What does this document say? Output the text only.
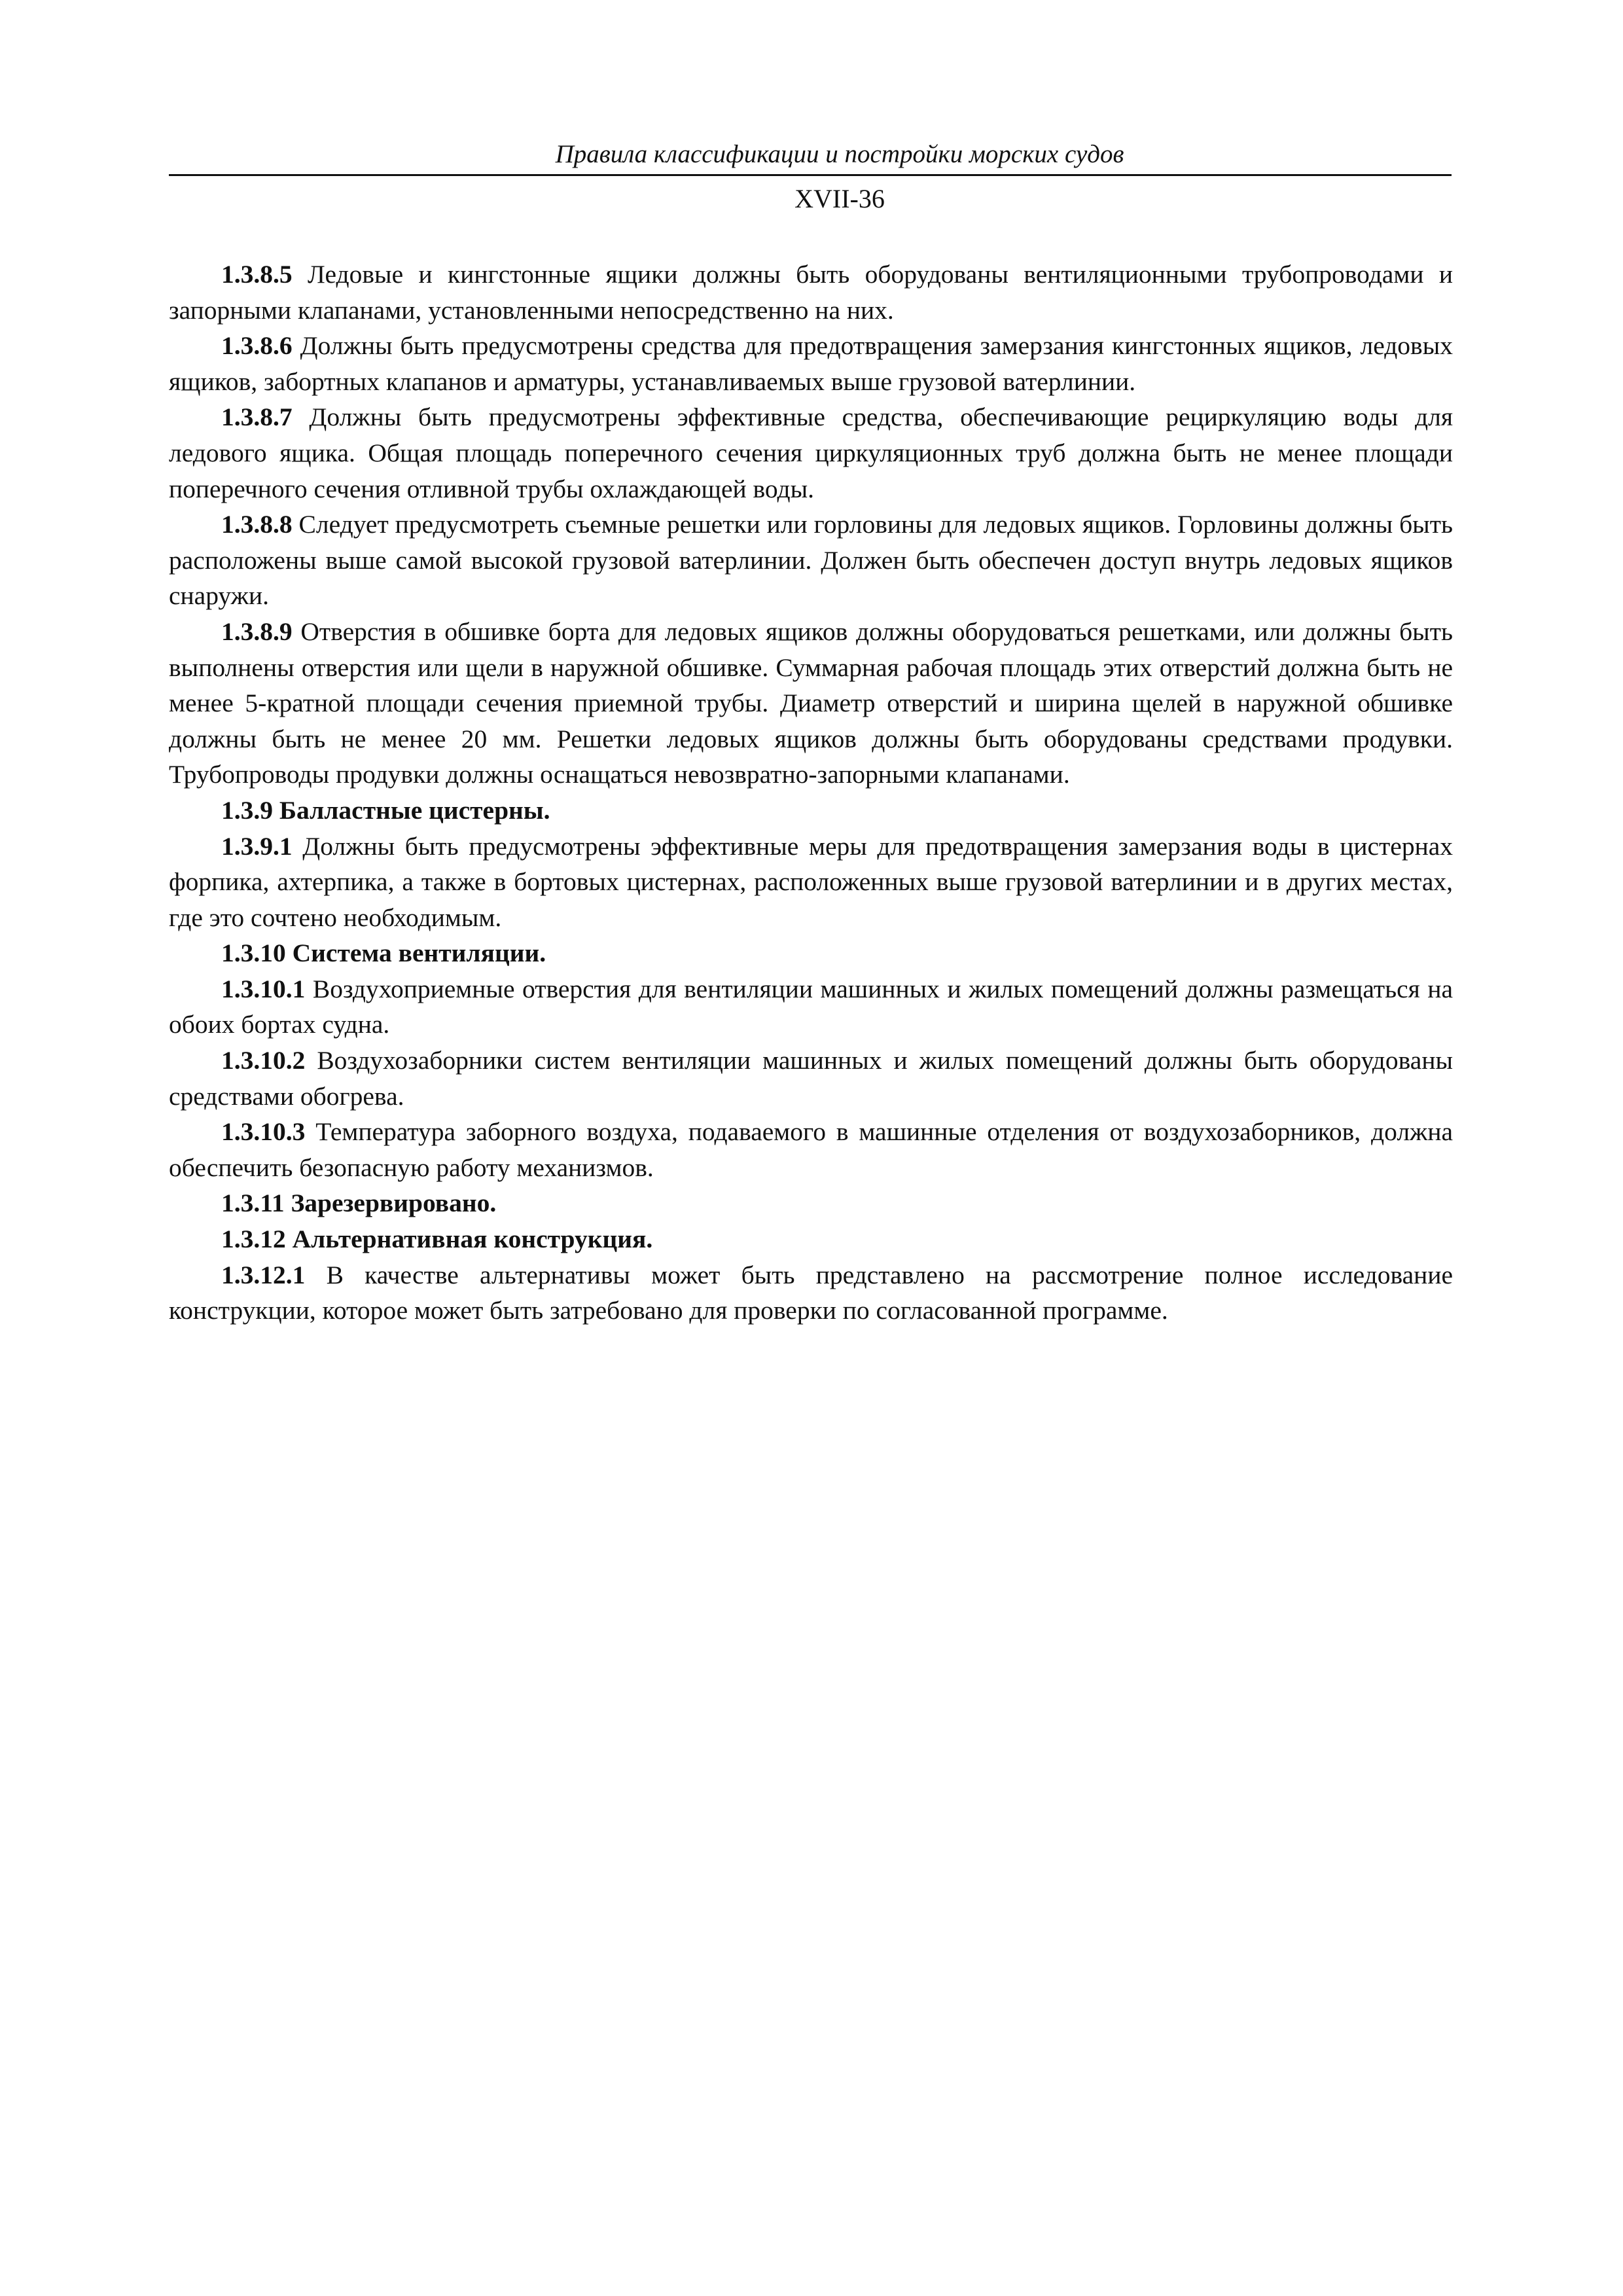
Правила классификации и постройки морских судов
XVII-36

1.3.8.5 Ледовые и кингстонные ящики должны быть оборудованы вентиляционными трубопроводами и запорными клапанами, установленными непосредственно на них.

1.3.8.6 Должны быть предусмотрены средства для предотвращения замерзания кингстонных ящиков, ледовых ящиков, забортных клапанов и арматуры, устанавливаемых выше грузовой ватерлинии.

1.3.8.7 Должны быть предусмотрены эффективные средства, обеспечивающие рециркуляцию воды для ледового ящика. Общая площадь поперечного сечения циркуляционных труб должна быть не менее площади поперечного сечения отливной трубы охлаждающей воды.

1.3.8.8 Следует предусмотреть съемные решетки или горловины для ледовых ящиков. Горловины должны быть расположены выше самой высокой грузовой ватерлинии. Должен быть обеспечен доступ внутрь ледовых ящиков снаружи.

1.3.8.9 Отверстия в обшивке борта для ледовых ящиков должны оборудоваться решетками, или должны быть выполнены отверстия или щели в наружной обшивке. Суммарная рабочая площадь этих отверстий должна быть не менее 5-кратной площади сечения приемной трубы. Диаметр отверстий и ширина щелей в наружной обшивке должны быть не менее 20 мм. Решетки ледовых ящиков должны быть оборудованы средствами продувки. Трубопроводы продувки должны оснащаться невозвратно-запорными клапанами.

1.3.9 Балластные цистерны.

1.3.9.1 Должны быть предусмотрены эффективные меры для предотвращения замерзания воды в цистернах форпика, ахтерпика, а также в бортовых цистернах, расположенных выше грузовой ватерлинии и в других местах, где это сочтено необходимым.

1.3.10 Система вентиляции.

1.3.10.1 Воздухоприемные отверстия для вентиляции машинных и жилых помещений должны размещаться на обоих бортах судна.

1.3.10.2 Воздухозаборники систем вентиляции машинных и жилых помещений должны быть оборудованы средствами обогрева.

1.3.10.3 Температура заборного воздуха, подаваемого в машинные отделения от воздухозаборников, должна обеспечить безопасную работу механизмов.

1.3.11 Зарезервировано.

1.3.12 Альтернативная конструкция.

1.3.12.1 В качестве альтернативы может быть представлено на рассмотрение полное исследование конструкции, которое может быть затребовано для проверки по согласованной программе.
